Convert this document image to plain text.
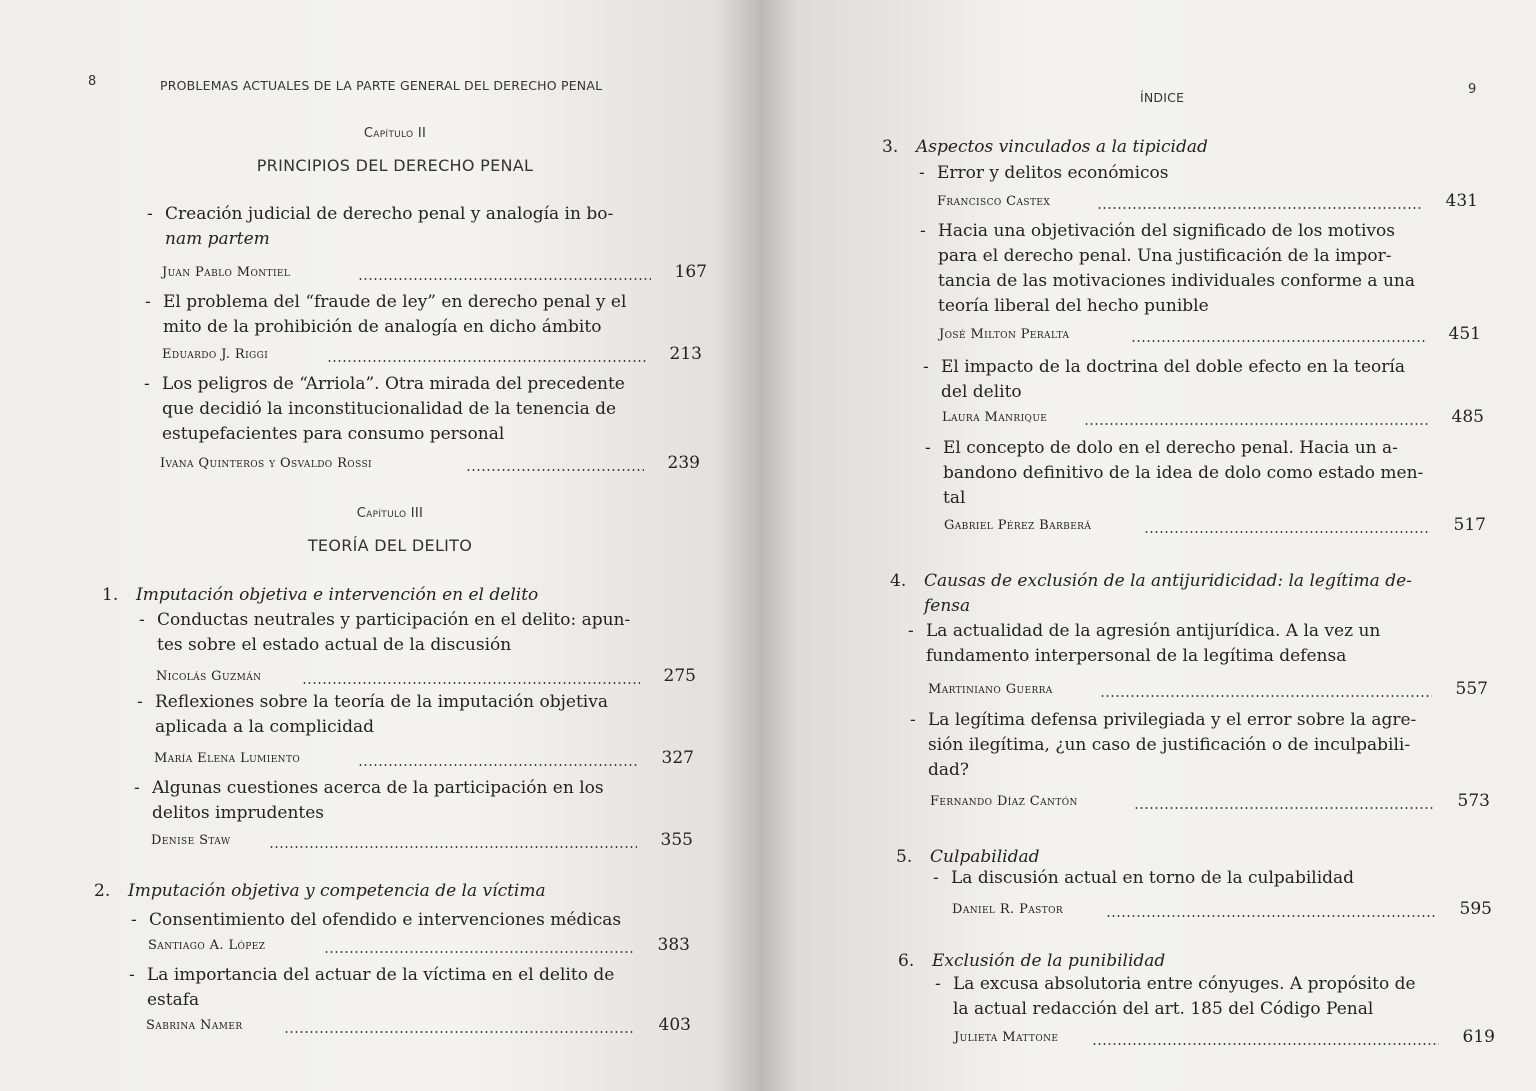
8	PROBLEMAS ACTUALES DE LA PARTE GENERAL DEL DERECHO PENAL
Capítulo II
PRINCIPIOS DEL DERECHO PENAL
- Creación judicial de derecho penal y analogía in bo-
nam partem
Juan Pablo Montiel	167
- El problema del “fraude de ley” en derecho penal y el
mito de la prohibición de analogía en dicho ámbito
Eduardo J. Riggi	213
- Los peligros de “Arriola”. Otra mirada del precedente
que decidió la inconstitucionalidad de la tenencia de
estupefacientes para consumo personal
Ivana Quinteros y Osvaldo Rossi	239
Capítulo III
TEORÍA DEL DELITO
1. Imputación objetiva e intervención en el delito
- Conductas neutrales y participación en el delito: apun-
tes sobre el estado actual de la discusión
Nicolás Guzmán	275
- Reflexiones sobre la teoría de la imputación objetiva
aplicada a la complicidad
María Elena Lumiento	327
- Algunas cuestiones acerca de la participación en los
delitos imprudentes
Denise Staw	355
2. Imputación objetiva y competencia de la víctima
- Consentimiento del ofendido e intervenciones médicas
Santiago A. López	383
- La importancia del actuar de la víctima en el delito de
estafa
Sabrina Namer	403
ÍNDICE
9
3. Aspectos vinculados a la tipicidad
- Error y delitos económicos
Francisco Castex	431
- Hacia una objetivación del significado de los motivos
para el derecho penal. Una justificación de la impor-
tancia de las motivaciones individuales conforme a una
teoría liberal del hecho punible
José Milton Peralta	451
- El impacto de la doctrina del doble efecto en la teoría
del delito
Laura Manrique	485
- El concepto de dolo en el derecho penal. Hacia un a-
bandono definitivo de la idea de dolo como estado men-
tal
Gabriel Pérez Barberá	517
4. Causas de exclusión de la antijuridicidad: la legítima de-
fensa
- La actualidad de la agresión antijurídica. A la vez un
fundamento interpersonal de la legítima defensa
Martiniano Guerra	557
- La legítima defensa privilegiada y el error sobre la agre-
sión ilegítima, ¿un caso de justificación o de inculpabili-
dad?
Fernando Díaz Cantón	573
5. Culpabilidad
- La discusión actual en torno de la culpabilidad
Daniel R. Pastor	595
6. Exclusión de la punibilidad
- La excusa absolutoria entre cónyuges. A propósito de
la actual redacción del art. 185 del Código Penal
Julieta Mattone	619
